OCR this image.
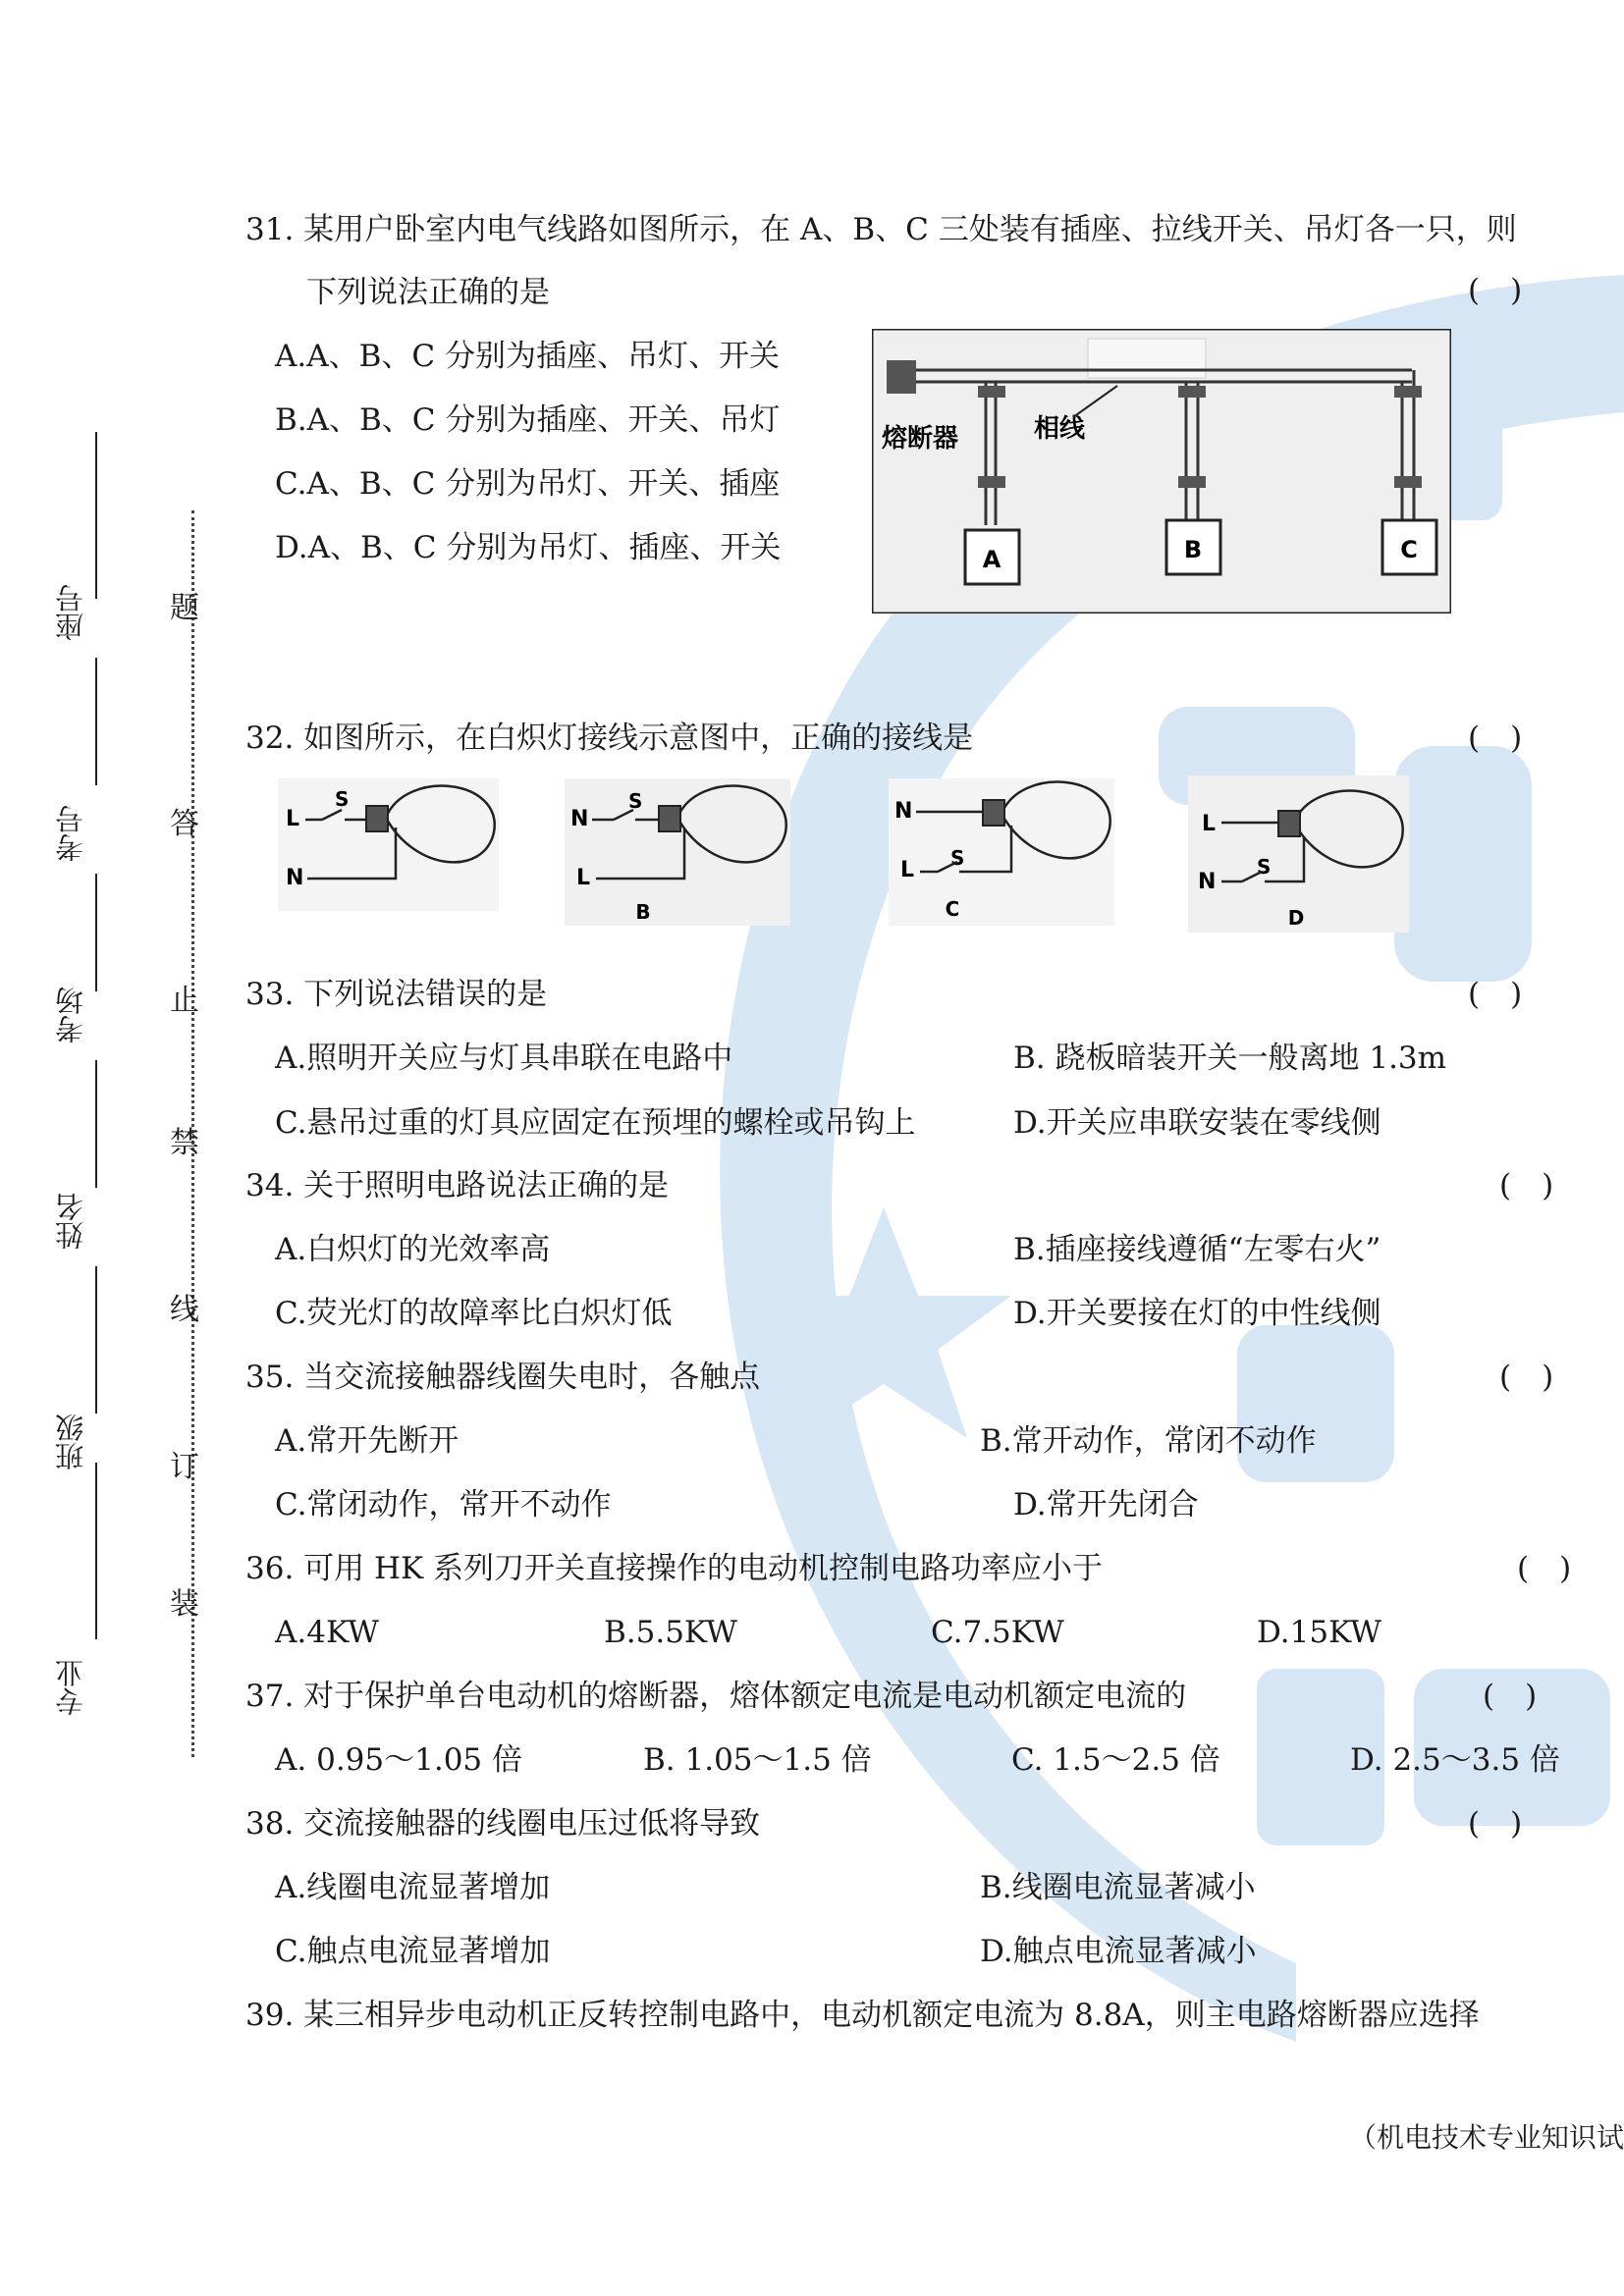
座号
考号
考场
姓名
班级
专业
题
答
止
禁
线
订
装
31. 某用户卧室内电气线路如图所示，在 A、B、C 三处装有插座、拉线开关、吊灯各一只，则
下列说法正确的是	(　)
A.A、B、C 分别为插座、吊灯、开关
B.A、B、C 分别为插座、开关、吊灯
C.A、B、C 分别为吊灯、开关、插座
D.A、B、C 分别为吊灯、插座、开关	A	B	C
熔断器	相线
32. 如图所示，在白炽灯接线示意图中，正确的接线是	(　)
L
S
N
N
S
L
B
N
S
L
C
L
N
S
D
33. 下列说法错误的是	(　)
A.照明开关应与灯具串联在电路中	B. 跷板暗装开关一般离地 1.3m
C.悬吊过重的灯具应固定在预埋的螺栓或吊钩上	D.开关应串联安装在零线侧
34. 关于照明电路说法正确的是	(　)
A.白炽灯的光效率高	B.插座接线遵循“左零右火”
C.荧光灯的故障率比白炽灯低	D.开关要接在灯的中性线侧
35. 当交流接触器线圈失电时，各触点	(　)
A.常开先断开	B.常开动作，常闭不动作
C.常闭动作，常开不动作	D.常开先闭合
36. 可用 HK 系列刀开关直接操作的电动机控制电路功率应小于	(　)
A.4KW	B.5.5KW	C.7.5KW	D.15KW
37. 对于保护单台电动机的熔断器，熔体额定电流是电动机额定电流的	(　)
A. 0.95～1.05 倍	B. 1.05～1.5 倍	C. 1.5～2.5 倍	D. 2.5～3.5 倍
38. 交流接触器的线圈电压过低将导致	(　)
A.线圈电流显著增加	B.线圈电流显著减小
C.触点电流显著增加	D.触点电流显著减小
39. 某三相异步电动机正反转控制电路中，电动机额定电流为 8.8A，则主电路熔断器应选择
（机电技术专业知识试
